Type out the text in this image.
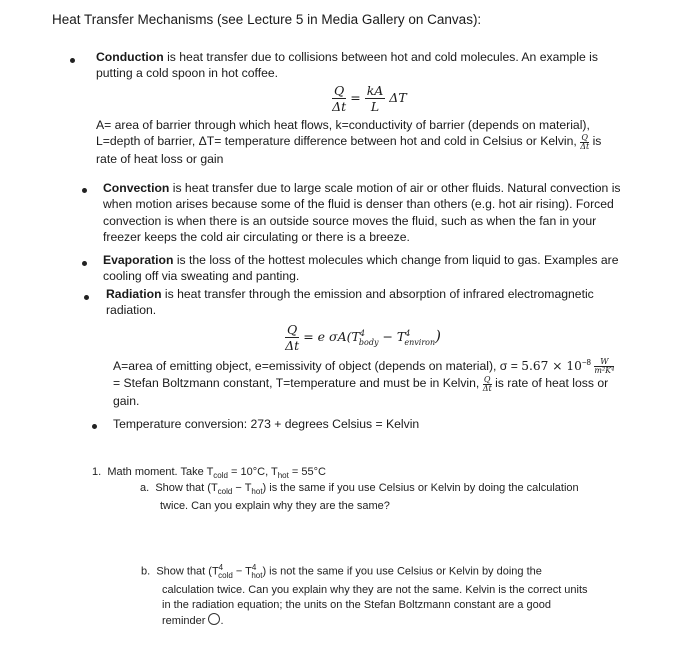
Heat Transfer Mechanisms (see Lecture 5 in Media Gallery on Canvas):
Conduction is heat transfer due to collisions between hot and cold molecules. An example is
putting a cold spoon in hot coffee.
$\frac{Q}{\Delta t} = \frac{kA}{L}$ ΔT
A= area of barrier through which heat flows, k=conductivity of barrier (depends on material),
L=depth of barrier, ΔT= temperature difference between hot and cold in Celsius or Kelvin, $\frac{Q}{\Delta t}$ is
rate of heat loss or gain
Convection is heat transfer due to large scale motion of air or other fluids. Natural convection is
when motion arises because some of the fluid is denser than others (e.g. hot air rising). Forced
convection is when there is an outside source moves the fluid, such as when the fan in your
freezer keeps the cold air circulating or there is a breeze.
Evaporation is the loss of the hottest molecules which change from liquid to gas. Examples are
cooling off via sweating and panting.
Radiation is heat transfer through the emission and absorption of infrared electromagnetic
radiation.
$\frac{Q}{\Delta t} = e$ $\sigma A(T^4_{body} - T^4_{environ})$
A=area of emitting object, e=emissivity of object (depends on material), $\sigma = 5.67 \times 10^{-8} \frac{W}{\text{m²K⁴}}$

= Stefan Boltzmann constant, T=temperature and must be in Kelvin, $\frac{Q}{\Delta t}$ is rate of heat loss or
gain.
Temperature conversion: 273 + degrees Celsius = Kelvin
1. Math moment. Take $T_{cold} = 10^\circ C$, $T_{hot} = 55^\circ C$
a. Show that $(T_{cold} - T_{hot})$ is the same if you use Celsius or Kelvin by doing the calculation
twice. Can you explain why they are the same?
b. Show that $(T^4_{cold} - T^4_{hot})$ is not the same if you use Celsius or Kelvin by doing the
calculation twice. Can you explain why they are not the same. Kelvin is the correct units
in the radiation equation; the units on the Stefan Boltzmann constant are a good
reminder .
